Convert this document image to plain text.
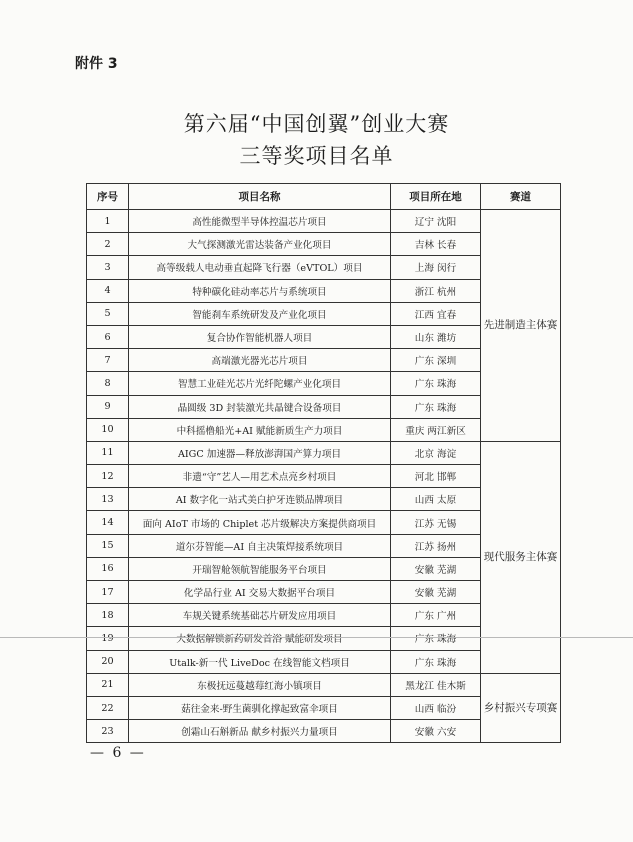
附件 3
第六届“中国创翼”创业大赛
三等奖项目名单
序号	项目名称	项目所在地	赛道
1	高性能微型半导体控温芯片项目	辽宁 沈阳	先进制造主体赛
2	大气探测激光雷达装备产业化项目	吉林 长春	
3	高等级载人电动垂直起降飞行器（eVTOL）项目	上海 闵行	
4	特种碳化硅动率芯片与系统项目	浙江 杭州	
5	智能刹车系统研发及产业化项目	江西 宜春	
6	复合协作智能机器人项目	山东 潍坊	
7	高端激光器光芯片项目	广东 深圳	
8	智慧工业硅光芯片光纤陀螺产业化项目	广东 珠海	
9	晶圆级 3D 封装激光共晶键合设备项目	广东 珠海	
10	中科摇橹船光+AI 赋能新质生产力项目	重庆 两江新区	
11	AIGC 加速器—释放澎湃国产算力项目	北京 海淀	现代服务主体赛
12	非遗“守”艺人—用艺术点亮乡村项目	河北 邯郸	
13	AI 数字化一站式美白护牙连锁品牌项目	山西 太原	
14	面向 AIoT 市场的 Chiplet 芯片级解决方案提供商项目	江苏 无锡	
15	道尔芬智能—AI 自主决策焊接系统项目	江苏 扬州	
16	开瑞智舱领航智能服务平台项目	安徽 芜湖	
17	化学品行业 AI 交易大数据平台项目	安徽 芜湖	
18	车规关键系统基础芯片研发应用项目	广东 广州	
19	大数据解锁新药研发首浴 赋能研发项目	广东 珠海	
20	Utalk-新一代 LiveDoc 在线智能文档项目	广东 珠海	
21	东极抚远蔓越莓红海小镇项目	黑龙江 佳木斯	乡村振兴专项赛
22	菇往金来-野生菌驯化撑起致富伞项目	山西 临汾	
23	创霜山石斛新品 献乡村振兴力量项目	安徽 六安	
— 6 —
